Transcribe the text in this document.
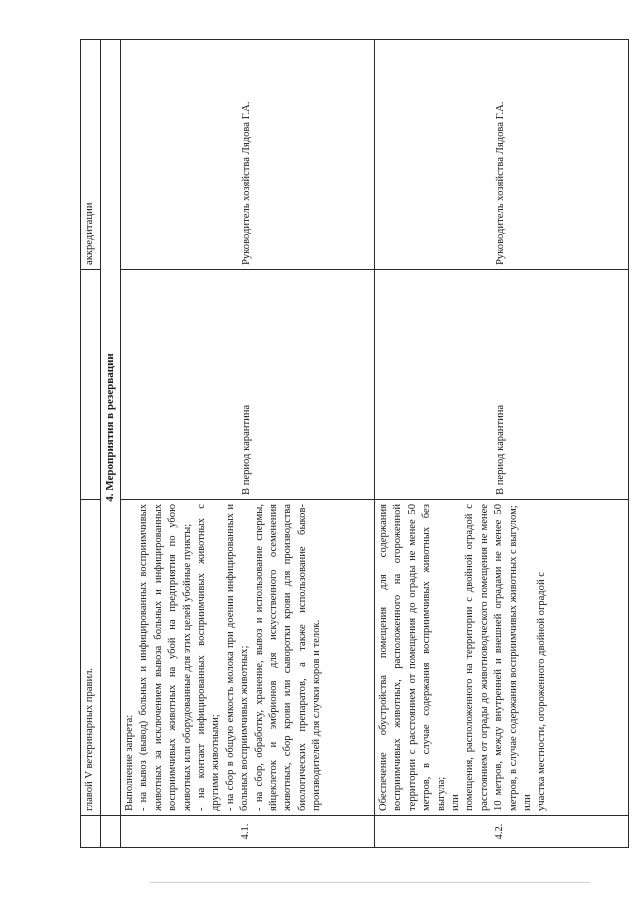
	главой V ветеринарных правил.		аккредитации
	4. Мероприятия в резервации		
4.1.	Выполнение запрета: - на вывоз (вывод) больных и инфицированных восприимчивых животных за исключением вывоза больных и инфицированных восприимчивых животных на убой на предприятия по убою животных или оборудованные для этих целей убойные пункты; - на контакт инфицированных восприимчивых животных с другими животными; - на сбор в общую емкость молока при доении инфицированных и больных восприимчивых животных; - на сбор, обработку, хранение, вывоз и использование спермы, яйцеклеток и эмбрионов для искусственного осеменения животных, сбор крови или сыворотки крови для производства биологических препаратов, а также использование быков-производителей для случки коров и телок.	В период карантина	Руководитель хозяйства Лядова Г.А.
4.2.	Обеспечение обустройства помещения для содержания восприимчивых животных, расположенного на огороженной территории с расстоянием от помещения до ограды не менее 50 метров, в случае содержания восприимчивых животных без выгула; или помещения, расположенного на территории с двойной оградой с расстоянием от ограды до животноводческого помещения не менее 10 метров, между внутренней и внешней оградами не менее 50 метров, в случае содержания восприимчивых животных с выгулом; или участка местности, огороженного двойной оградой с	В период карантина	Руководитель хозяйства Лядова Г.А.
